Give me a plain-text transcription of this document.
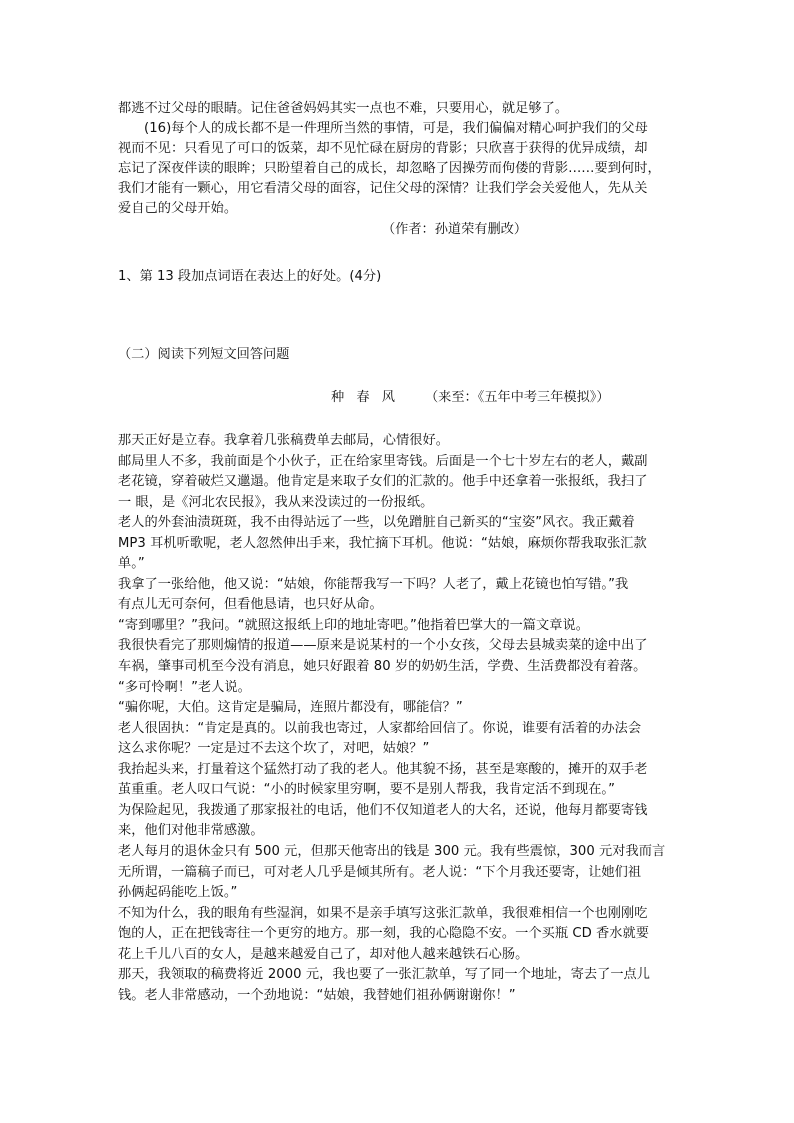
都逃不过父母的眼睛。记住爸爸妈妈其实一点也不难，只要用心，就足够了。
(16)每个人的成长都不是一件理所当然的事情，可是，我们偏偏对精心呵护我们的父母
视而不见：只看见了可口的饭菜，却不见忙碌在厨房的背影；只欣喜于获得的优异成绩，却
忘记了深夜伴读的眼眸；只盼望着自己的成长，却忽略了因操劳而佝偻的背影……要到何时，
我们才能有一颗心，用它看清父母的面容，记住父母的深情？让我们学会关爱他人，先从关
爱自己的父母开始。
（作者：孙道荣有删改）
1、第 13 段加点词语在表达上的好处。(4分)
（二）阅读下列短文回答问题
种 春 风 （来至：《五年中考三年模拟》）
那天正好是立春。我拿着几张稿费单去邮局，心情很好。
邮局里人不多，我前面是个小伙子，正在给家里寄钱。后面是一个七十岁左右的老人，戴副
老花镜，穿着破烂又邋遢。他肯定是来取子女们的汇款的。他手中还拿着一张报纸，我扫了
一 眼，是《河北农民报》，我从来没读过的一份报纸。
老人的外套油渍斑斑，我不由得站远了一些，以免蹭脏自己新买的“宝姿”风衣。我正戴着
MP3 耳机听歌呢，老人忽然伸出手来，我忙摘下耳机。他说：“姑娘，麻烦你帮我取张汇款
单。”
我拿了一张给他，他又说：“姑娘，你能帮我写一下吗？人老了，戴上花镜也怕写错。”我
有点儿无可奈何，但看他恳请，也只好从命。
“寄到哪里？”我问。“就照这报纸上印的地址寄吧。”他指着巴掌大的一篇文章说。
我很快看完了那则煽情的报道——原来是说某村的一个小女孩，父母去县城卖菜的途中出了
车祸，肇事司机至今没有消息，她只好跟着 80 岁的奶奶生活，学费、生活费都没有着落。
“多可怜啊！”老人说。
“骗你呢，大伯。这肯定是骗局，连照片都没有，哪能信？”
老人很固执：“肯定是真的。以前我也寄过，人家都给回信了。你说，谁要有活着的办法会
这么求你呢？一定是过不去这个坎了，对吧，姑娘？”
我抬起头来，打量着这个猛然打动了我的老人。他其貌不扬，甚至是寒酸的，摊开的双手老
茧重重。老人叹口气说：“小的时候家里穷啊，要不是别人帮我，我肯定活不到现在。”
为保险起见，我拨通了那家报社的电话，他们不仅知道老人的大名，还说，他每月都要寄钱
来，他们对他非常感激。
老人每月的退休金只有 500 元，但那天他寄出的钱是 300 元。我有些震惊，300 元对我而言
无所谓，一篇稿子而已，可对老人几乎是倾其所有。老人说：“下个月我还要寄，让她们祖
孙俩起码能吃上饭。”
不知为什么，我的眼角有些湿润，如果不是亲手填写这张汇款单，我很难相信一个也刚刚吃
饱的人，正在把钱寄往一个更穷的地方。那一刻，我的心隐隐不安。一个买瓶 CD 香水就要
花上千儿八百的女人，是越来越爱自己了，却对他人越来越铁石心肠。
那天，我领取的稿费将近 2000 元，我也要了一张汇款单，写了同一个地址，寄去了一点儿
钱。老人非常感动，一个劲地说：“姑娘，我替她们祖孙俩谢谢你！”
